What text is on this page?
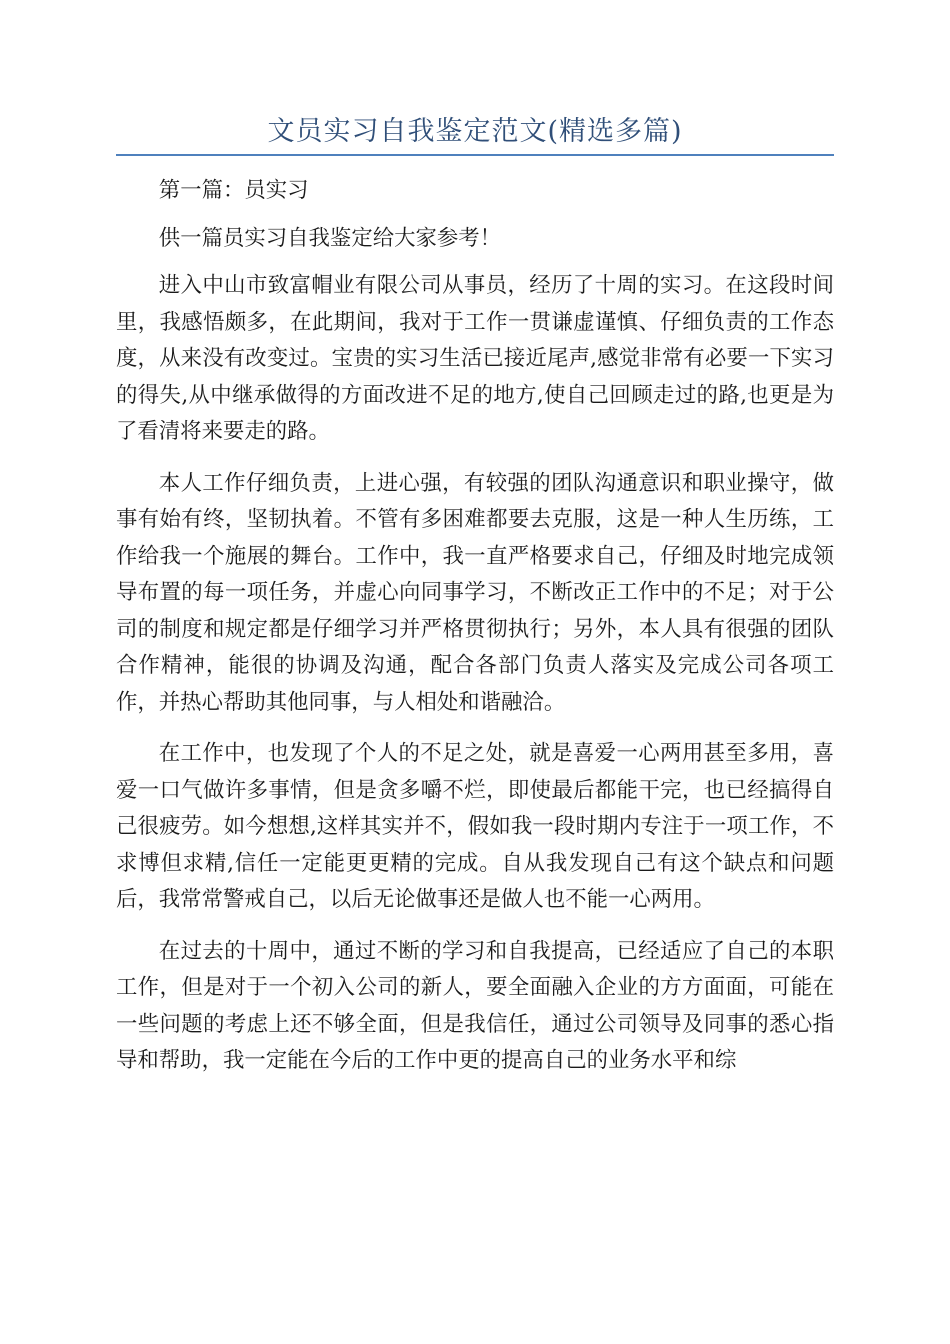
文员实习自我鉴定范文(精选多篇)

第一篇：员实习

供一篇员实习自我鉴定给大家参考！

进入中山市致富帽业有限公司从事员，经历了十周的实习。在这段时间里，我感悟颇多，在此期间，我对于工作一贯谦虚谨慎、仔细负责的工作态度，从来没有改变过。宝贵的实习生活已接近尾声,感觉非常有必要一下实习的得失,从中继承做得的方面改进不足的地方,使自己回顾走过的路,也更是为了看清将来要走的路。

本人工作仔细负责，上进心强，有较强的团队沟通意识和职业操守，做事有始有终，坚韧执着。不管有多困难都要去克服，这是一种人生历练，工作给我一个施展的舞台。工作中，我一直严格要求自己，仔细及时地完成领导布置的每一项任务，并虚心向同事学习，不断改正工作中的不足；对于公司的制度和规定都是仔细学习并严格贯彻执行；另外，本人具有很强的团队合作精神，能很的协调及沟通，配合各部门负责人落实及完成公司各项工作，并热心帮助其他同事，与人相处和谐融洽。

在工作中，也发现了个人的不足之处，就是喜爱一心两用甚至多用，喜爱一口气做许多事情，但是贪多嚼不烂，即使最后都能干完，也已经搞得自己很疲劳。如今想想,这样其实并不，假如我一段时期内专注于一项工作，不求博但求精,信任一定能更更精的完成。自从我发现自己有这个缺点和问题后，我常常警戒自己，以后无论做事还是做人也不能一心两用。

在过去的十周中，通过不断的学习和自我提高，已经适应了自己的本职工作，但是对于一个初入公司的新人，要全面融入企业的方方面面，可能在一些问题的考虑上还不够全面，但是我信任，通过公司领导及同事的悉心指导和帮助，我一定能在今后的工作中更的提高自己的业务水平和综
